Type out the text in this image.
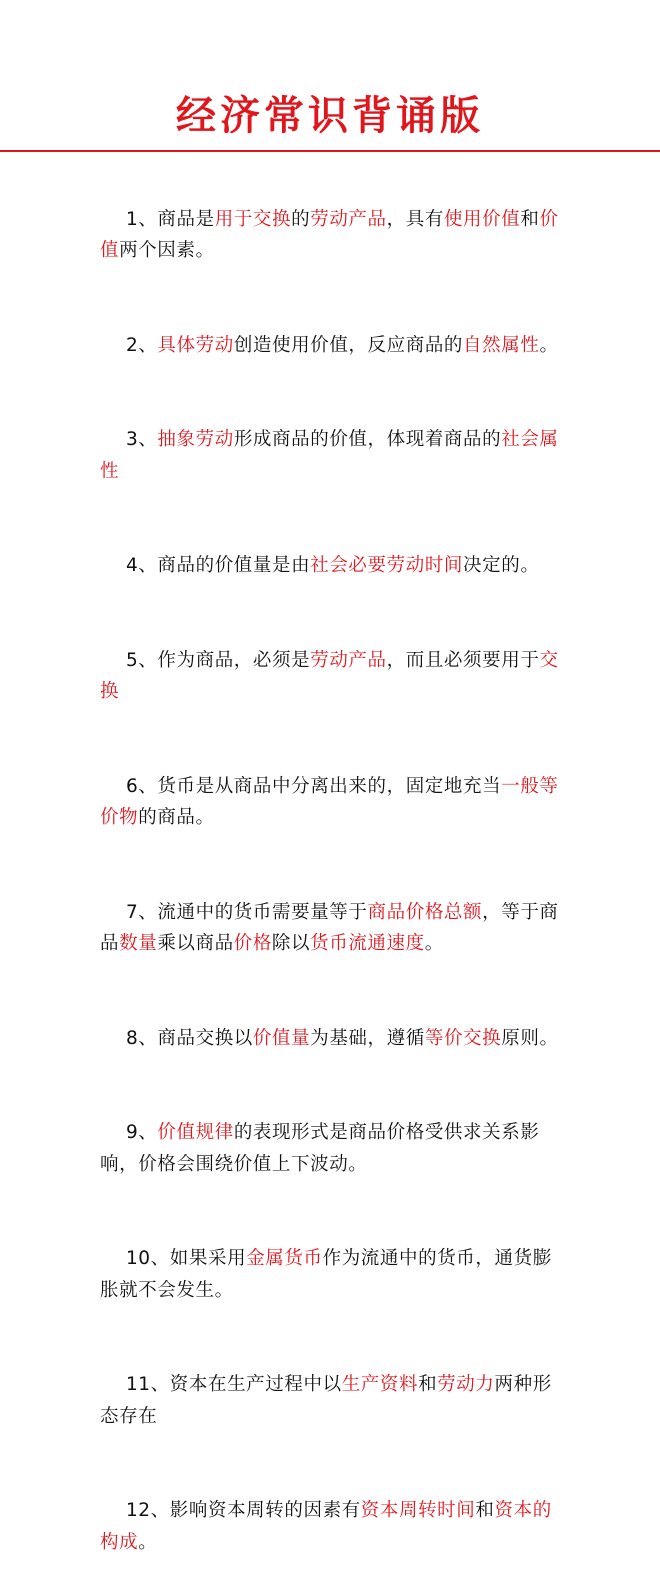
经济常识背诵版

1、商品是用于交换的劳动产品，具有使用价值和价值两个因素。

2、具体劳动创造使用价值，反应商品的自然属性。

3、抽象劳动形成商品的价值，体现着商品的社会属性

4、商品的价值量是由社会必要劳动时间决定的。

5、作为商品，必须是劳动产品，而且必须要用于交换

6、货币是从商品中分离出来的，固定地充当一般等价物的商品。

7、流通中的货币需要量等于商品价格总额，等于商品数量乘以商品价格除以货币流通速度。

8、商品交换以价值量为基础，遵循等价交换原则。

9、价值规律的表现形式是商品价格受供求关系影响，价格会围绕价值上下波动。

10、如果采用金属货币作为流通中的货币，通货膨胀就不会发生。

11、资本在生产过程中以生产资料和劳动力两种形态存在

12、影响资本周转的因素有资本周转时间和资本的构成。
